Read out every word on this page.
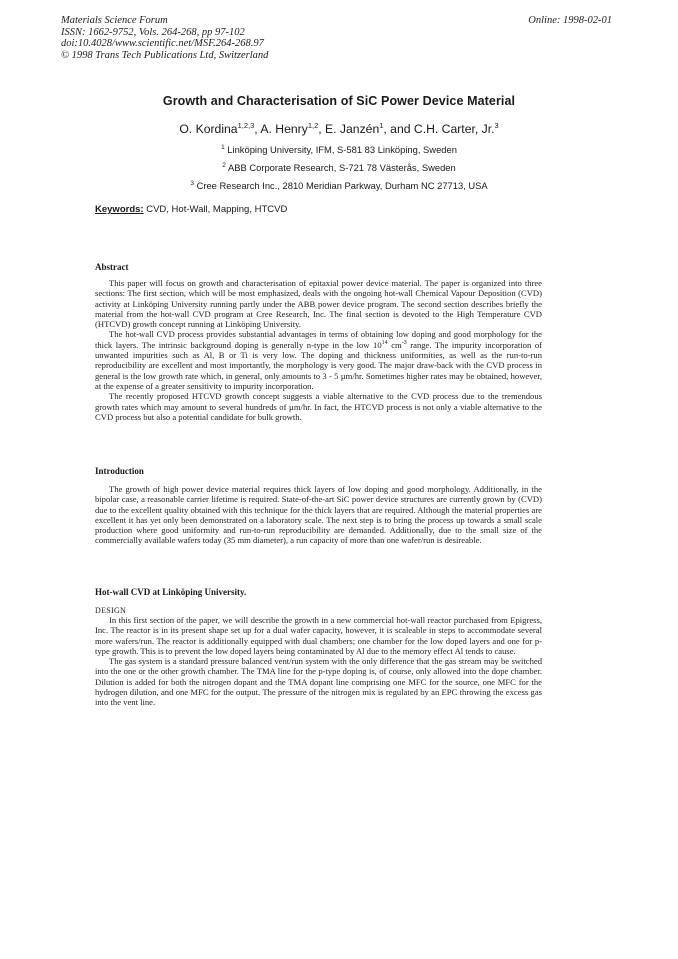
Materials Science Forum
ISSN: 1662-9752, Vols. 264-268, pp 97-102
doi:10.4028/www.scientific.net/MSF.264-268.97
© 1998 Trans Tech Publications Ltd, Switzerland
Online: 1998-02-01
Growth and Characterisation of SiC Power Device Material
O. Kordina$^{1,2,3}$, A. Henry$^{1,2}$, E. Janzén$^1$, and C.H. Carter, Jr.$^3$
$^1$ Linköping University, IFM, S-581 83 Linköping, Sweden
$^2$ ABB Corporate Research, S-721 78 Västerås, Sweden
$^3$ Cree Research Inc., 2810 Meridian Parkway, Durham NC 27713, USA
Keywords: CVD, Hot-Wall, Mapping, HTCVD
Abstract

This paper will focus on growth and characterisation of epitaxial power device material. The paper is organized into three sections: The first section, which will be most emphasized, deals with the ongoing hot-wall Chemical Vapour Deposition (CVD) activity at Linköping University running partly under the ABB power device program. The second section describes briefly the material from the hot-wall CVD program at Cree Research, Inc. The final section is devoted to the High Temperature CVD (HTCVD) growth concept running at Linköping University.

The hot-wall CVD process provides substantial advantages in terms of obtaining low doping and good morphology for the thick layers. The intrinsic background doping is generally n-type in the low $10^{14}$ $cm^{-3}$ range. The impurity incorporation of unwanted impurities such as Al, B or Ti is very low. The doping and thickness uniformities, as well as the run-to-run reproducibility are excellent and most importantly, the morphology is very good. The major draw-back with the CVD process in general is the low growth rate which, in general, only amounts to 3 - 5 µm/hr. Sometimes higher rates may be obtained, however, at the expense of a greater sensitivity to impurity incorporation.

The recently proposed HTCVD growth concept suggests a viable alternative to the CVD process due to the tremendous growth rates which may amount to several hundreds of µm/hr. In fact, the HTCVD process is not only a viable alternative to the CVD process but also a potential candidate for bulk growth.

Introduction

The growth of high power device material requires thick layers of low doping and good morphology. Additionally, in the bipolar case, a reasonable carrier lifetime is required. State-of-the-art SiC power device structures are currently grown by (CVD) due to the excellent quality obtained with this technique for the thick layers that are required. Although the material properties are excellent it has yet only been demonstrated on a laboratory scale. The next step is to bring the process up towards a small scale production where good uniformity and run-to-run reproducibility are demanded. Additionally, due to the small size of the commercially available wafers today (35 mm diameter), a run capacity of more than one wafer/run is desireable.

Hot-wall CVD at Linköping University.
DESIGN

In this first section of the paper, we will describe the growth in a new commercial hot-wall reactor purchased from Epigress, Inc. The reactor is in its present shape set up for a dual wafer capacity, however, it is scaleable in steps to accommodate several more wafers/run. The reactor is additionally equipped with dual chambers; one chamber for the low doped layers and one for p-type growth. This is to prevent the low doped layers being contaminated by Al due to the memory effect Al tends to cause.

The gas system is a standard pressure balanced vent/run system with the only difference that the gas stream may be switched into the one or the other growth chamber. The TMA line for the p-type doping is, of course, only allowed into the dope chamber. Dilution is added for both the nitrogen dopant and the TMA dopant line comprising one MFC for the source, one MFC for the hydrogen dilution, and one MFC for the output. The pressure of the nitrogen mix is regulated by an EPC throwing the excess gas into the vent line.
